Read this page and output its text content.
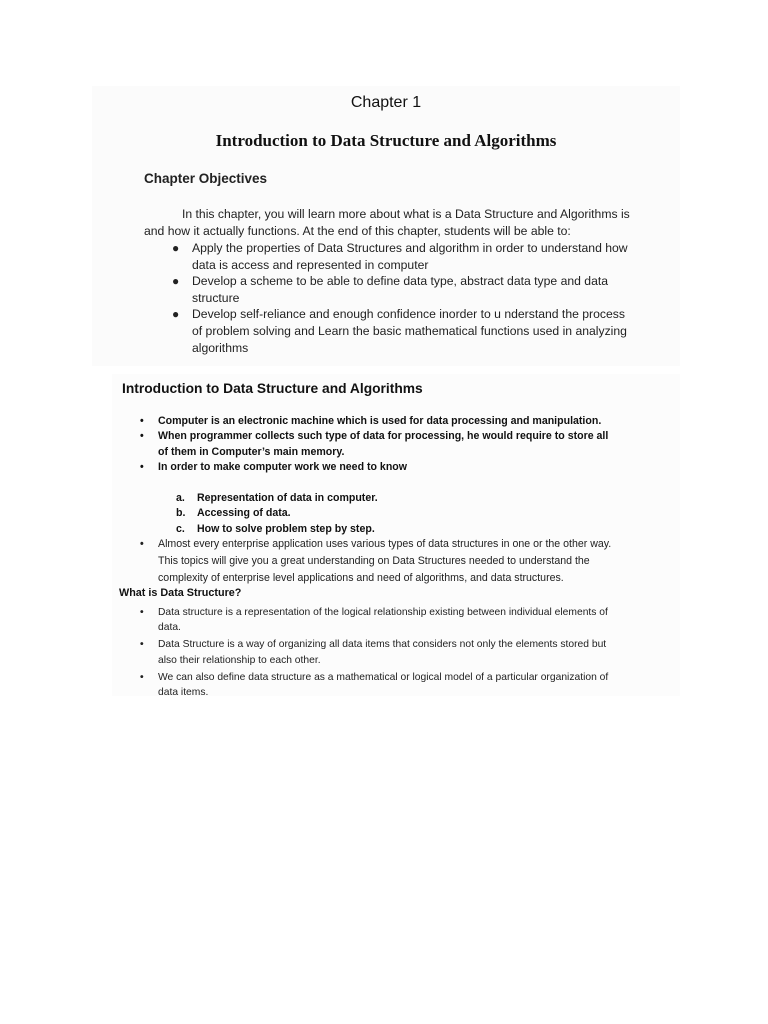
Chapter 1
Introduction to Data Structure and Algorithms
Chapter Objectives
In this chapter, you will learn more about what is a Data Structure and Algorithms is and how it actually functions. At the end of this chapter, students will be able to:
● Apply the properties of Data Structures and algorithm in order to understand how data is access and represented in computer
● Develop a scheme to be able to define data type, abstract data type and data structure
● Develop self-reliance and enough confidence inorder to u nderstand the process of problem solving and Learn the basic mathematical functions used in analyzing algorithms
Introduction to Data Structure and Algorithms
• Computer is an electronic machine which is used for data processing and manipulation.
• When programmer collects such type of data for processing, he would require to store all of them in Computer’s main memory.
• In order to make computer work we need to know
a. Representation of data in computer.
b. Accessing of data.
c. How to solve problem step by step.
• Almost every enterprise application uses various types of data structures in one or the other way. This topics will give you a great understanding on Data Structures needed to understand the complexity of enterprise level applications and need of algorithms, and data structures.
What is Data Structure?
• Data structure is a representation of the logical relationship existing between individual elements of data.
• Data Structure is a way of organizing all data items that considers not only the elements stored but also their relationship to each other.
• We can also define data structure as a mathematical or logical model of a particular organization of data items.
